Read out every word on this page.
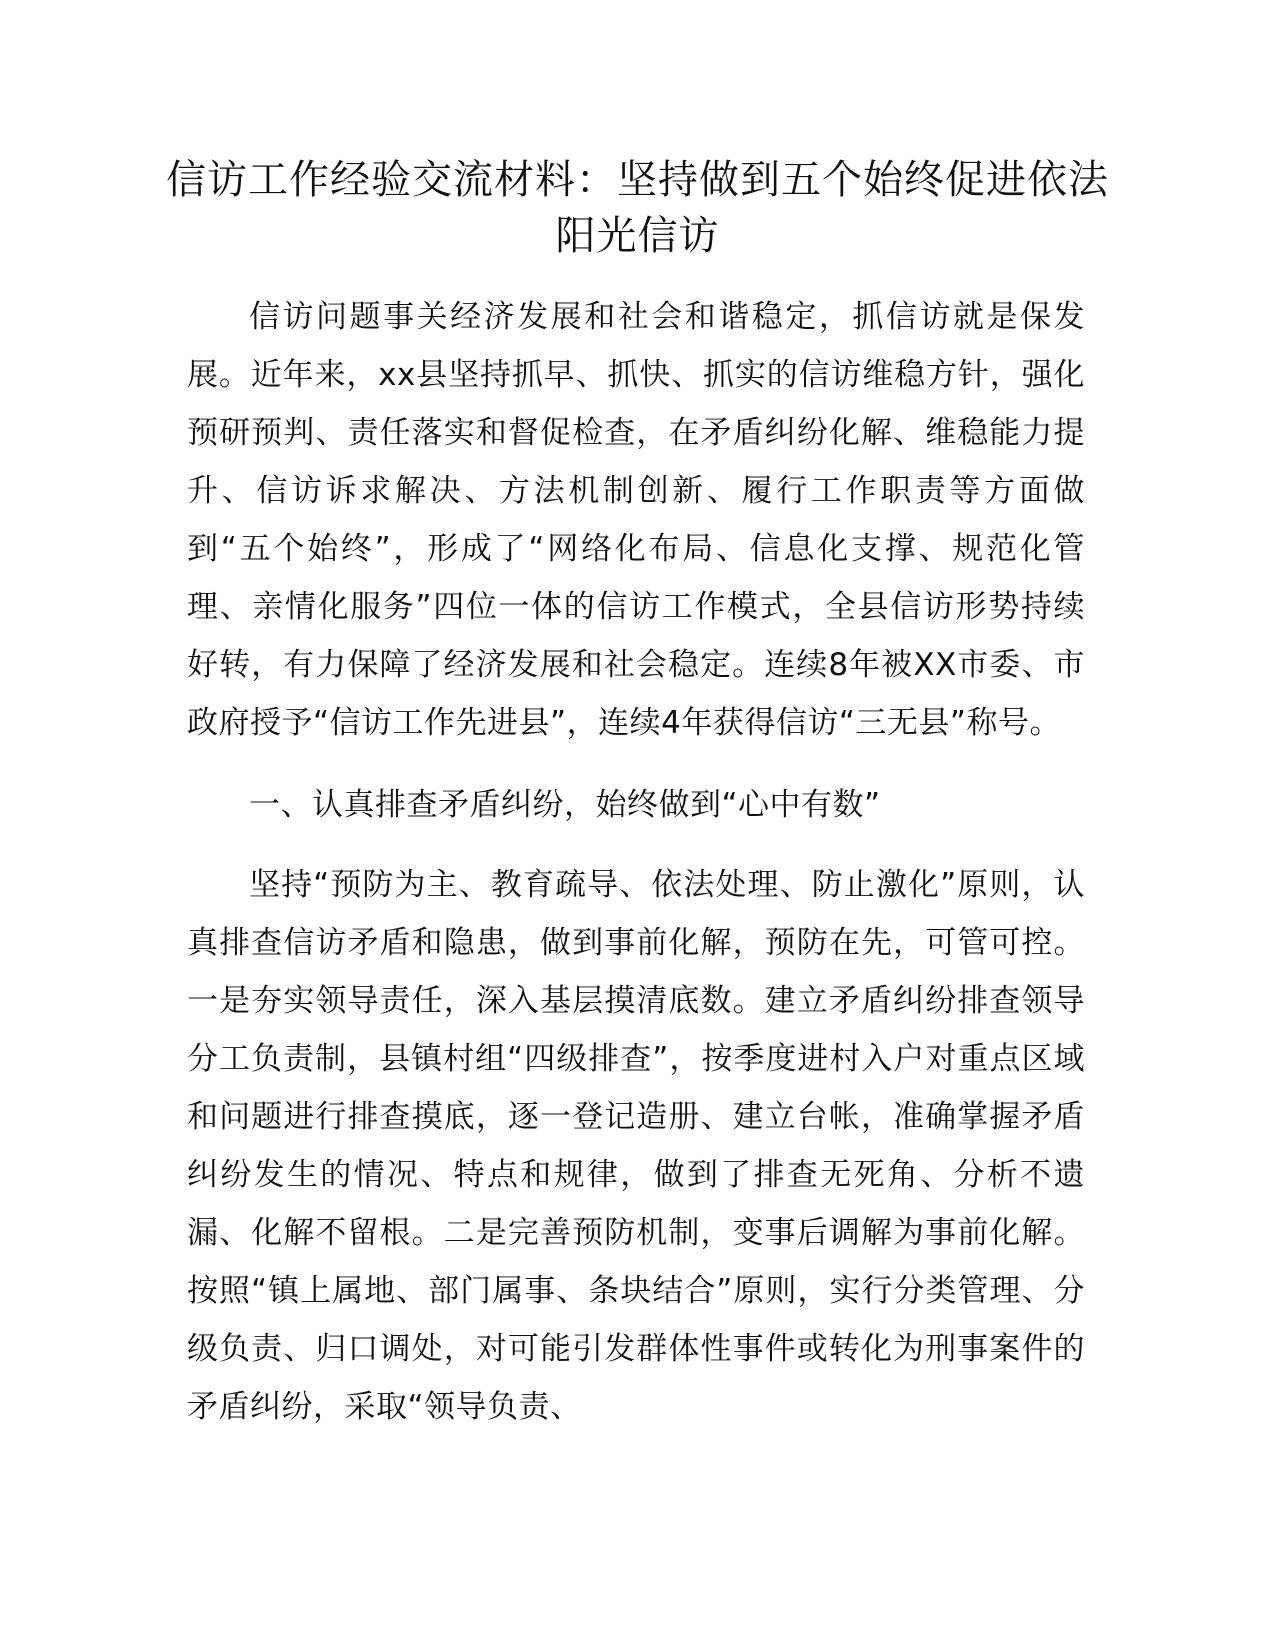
信访工作经验交流材料：坚持做到五个始终促进依法阳光信访

信访问题事关经济发展和社会和谐稳定，抓信访就是保发展。近年来，xx县坚持抓早、抓快、抓实的信访维稳方针，强化预研预判、责任落实和督促检查，在矛盾纠纷化解、维稳能力提升、信访诉求解决、方法机制创新、履行工作职责等方面做到“五个始终”，形成了“网络化布局、信息化支撑、规范化管理、亲情化服务”四位一体的信访工作模式，全县信访形势持续好转，有力保障了经济发展和社会稳定。连续8年被XX市委、市政府授予“信访工作先进县”，连续4年获得信访“三无县”称号。

一、认真排查矛盾纠纷，始终做到“心中有数”

坚持“预防为主、教育疏导、依法处理、防止激化”原则，认真排查信访矛盾和隐患，做到事前化解，预防在先，可管可控。一是夯实领导责任，深入基层摸清底数。建立矛盾纠纷排查领导分工负责制，县镇村组“四级排查”，按季度进村入户对重点区域和问题进行排查摸底，逐一登记造册、建立台帐，准确掌握矛盾纠纷发生的情况、特点和规律，做到了排查无死角、分析不遗漏、化解不留根。二是完善预防机制，变事后调解为事前化解。按照“镇上属地、部门属事、条块结合”原则，实行分类管理、分级负责、归口调处，对可能引发群体性事件或转化为刑事案件的矛盾纠纷，采取“领导负责、
